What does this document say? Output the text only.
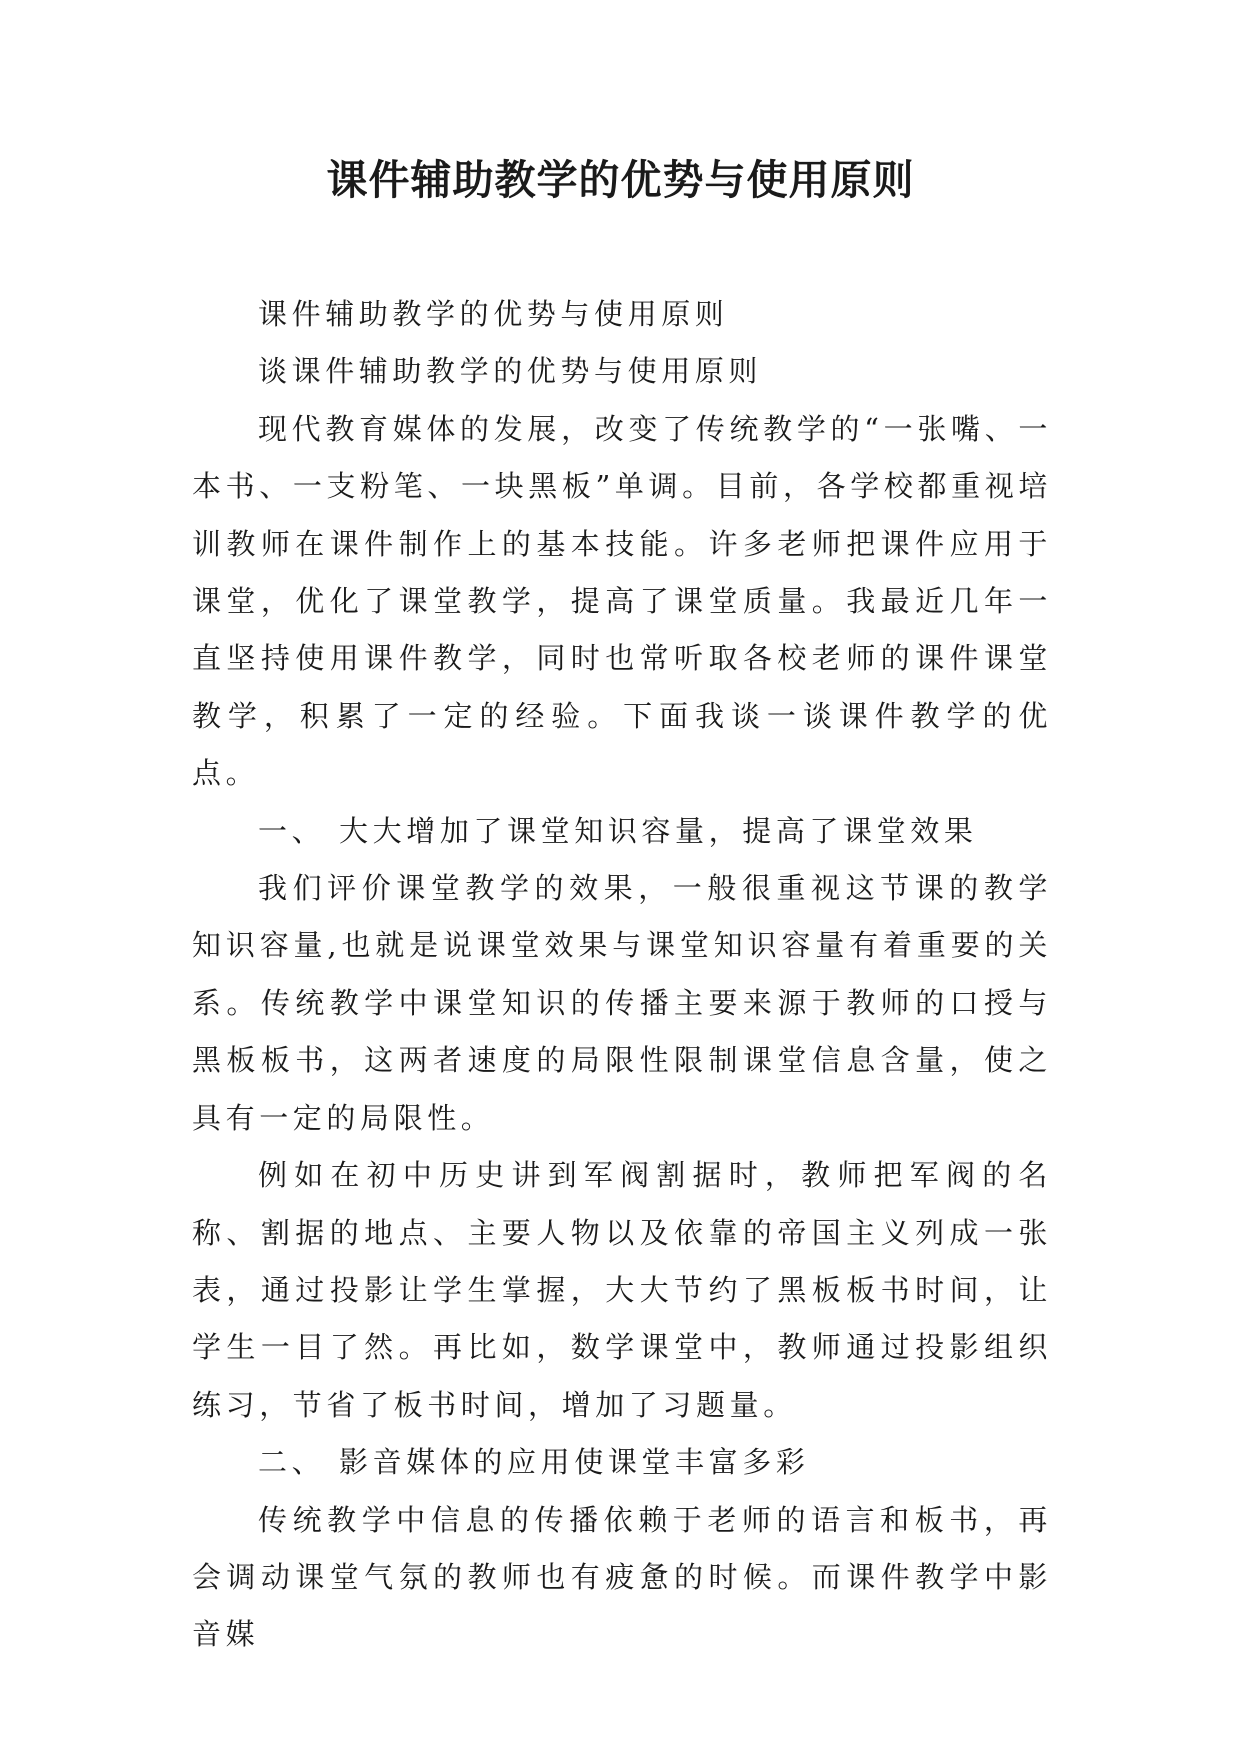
课件辅助教学的优势与使用原则

课件辅助教学的优势与使用原则

谈课件辅助教学的优势与使用原则

现代教育媒体的发展，改变了传统教学的“一张嘴、一本书、一支粉笔、一块黑板”单调。目前，各学校都重视培训教师在课件制作上的基本技能。许多老师把课件应用于课堂，优化了课堂教学，提高了课堂质量。我最近几年一直坚持使用课件教学，同时也常听取各校老师的课件课堂教学，积累了一定的经验。下面我谈一谈课件教学的优点。

一、 大大增加了课堂知识容量，提高了课堂效果

我们评价课堂教学的效果，一般很重视这节课的教学知识容量,也就是说课堂效果与课堂知识容量有着重要的关系。传统教学中课堂知识的传播主要来源于教师的口授与黑板板书，这两者速度的局限性限制课堂信息含量，使之具有一定的局限性。

例如在初中历史讲到军阀割据时，教师把军阀的名称、割据的地点、主要人物以及依靠的帝国主义列成一张表，通过投影让学生掌握，大大节约了黑板板书时间，让学生一目了然。再比如，数学课堂中，教师通过投影组织练习，节省了板书时间，增加了习题量。

二、 影音媒体的应用使课堂丰富多彩

传统教学中信息的传播依赖于老师的语言和板书，再会调动课堂气氛的教师也有疲惫的时候。而课件教学中影音媒
